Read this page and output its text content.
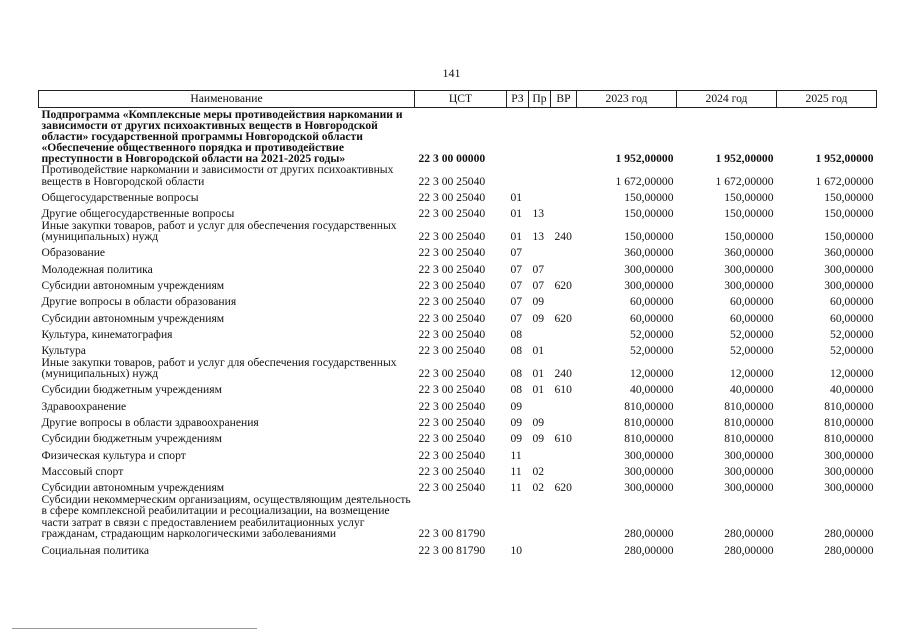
141
Наименование	ЦСТ	РЗ	Пр	ВР	2023 год	2024 год	2025 год
Подпрограмма «Комплексные меры противодействия наркомании и зависимости от других психоактивных веществ в Новгородской области» государственной программы Новгородской области «Обеспечение общественного порядка и противодействие преступности в Новгородской области на 2021-2025 годы»	22 3 00 00000				1 952,00000	1 952,00000	1 952,00000
Противодействие наркомании и зависимости от других психоактивных веществ в Новгородской области	22 3 00 25040				1 672,00000	1 672,00000	1 672,00000
Общегосударственные вопросы	22 3 00 25040	01			150,00000	150,00000	150,00000
Другие общегосударственные вопросы	22 3 00 25040	01	13		150,00000	150,00000	150,00000
Иные закупки товаров, работ и услуг для обеспечения государственных (муниципальных) нужд	22 3 00 25040	01	13	240	150,00000	150,00000	150,00000
Образование	22 3 00 25040	07			360,00000	360,00000	360,00000
Молодежная политика	22 3 00 25040	07	07		300,00000	300,00000	300,00000
Субсидии автономным учреждениям	22 3 00 25040	07	07	620	300,00000	300,00000	300,00000
Другие вопросы в области образования	22 3 00 25040	07	09		60,00000	60,00000	60,00000
Субсидии автономным учреждениям	22 3 00 25040	07	09	620	60,00000	60,00000	60,00000
Культура, кинематография	22 3 00 25040	08			52,00000	52,00000	52,00000
Культура	22 3 00 25040	08	01		52,00000	52,00000	52,00000
Иные закупки товаров, работ и услуг для обеспечения государственных (муниципальных) нужд	22 3 00 25040	08	01	240	12,00000	12,00000	12,00000
Субсидии бюджетным учреждениям	22 3 00 25040	08	01	610	40,00000	40,00000	40,00000
Здравоохранение	22 3 00 25040	09			810,00000	810,00000	810,00000
Другие вопросы в области здравоохранения	22 3 00 25040	09	09		810,00000	810,00000	810,00000
Субсидии бюджетным учреждениям	22 3 00 25040	09	09	610	810,00000	810,00000	810,00000
Физическая культура и спорт	22 3 00 25040	11			300,00000	300,00000	300,00000
Массовый спорт	22 3 00 25040	11	02		300,00000	300,00000	300,00000
Субсидии автономным учреждениям	22 3 00 25040	11	02	620	300,00000	300,00000	300,00000
Субсидии некоммерческим организациям, осуществляющим деятельность в сфере комплексной реабилитации и ресоциализации, на возмещение части затрат в связи с предоставлением реабилитационных услуг гражданам, страдающим наркологическими заболеваниями	22 3 00 81790				280,00000	280,00000	280,00000
Социальная политика	22 3 00 81790	10			280,00000	280,00000	280,00000
